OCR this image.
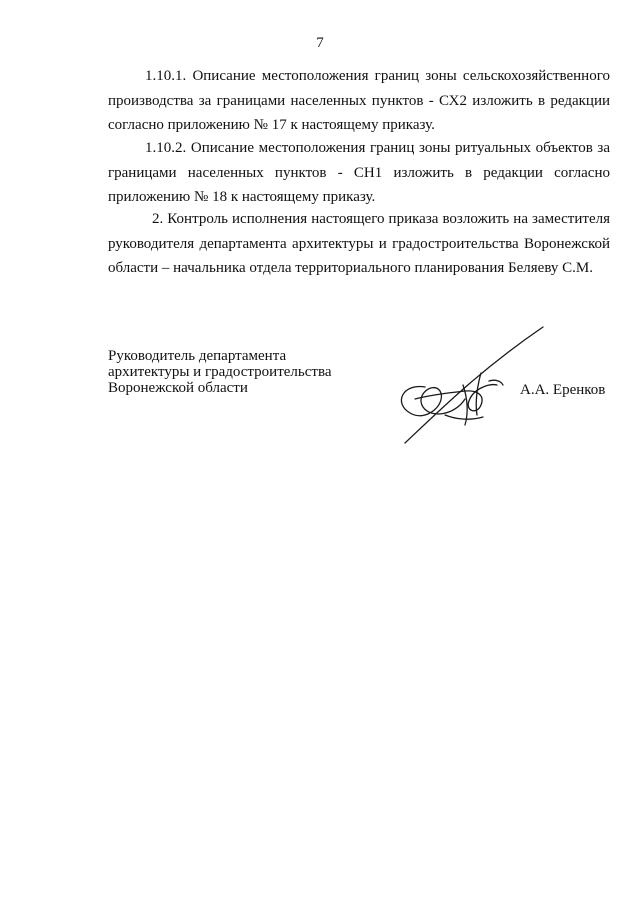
7

1.10.1. Описание местоположения границ зоны сельскохозяйственного производства за границами населенных пунктов - СХ2 изложить в редакции согласно приложению № 17 к настоящему приказу.

1.10.2. Описание местоположения границ зоны ритуальных объектов за границами населенных пунктов - СН1 изложить в редакции согласно приложению № 18 к настоящему приказу.

2. Контроль исполнения настоящего приказа возложить на заместителя руководителя департамента архитектуры и градостроительства Воронежской области – начальника отдела территориального планирования Беляеву С.М.

Руководитель департамента
архитектуры и градостроительства
Воронежской области	А.А. Еренков
